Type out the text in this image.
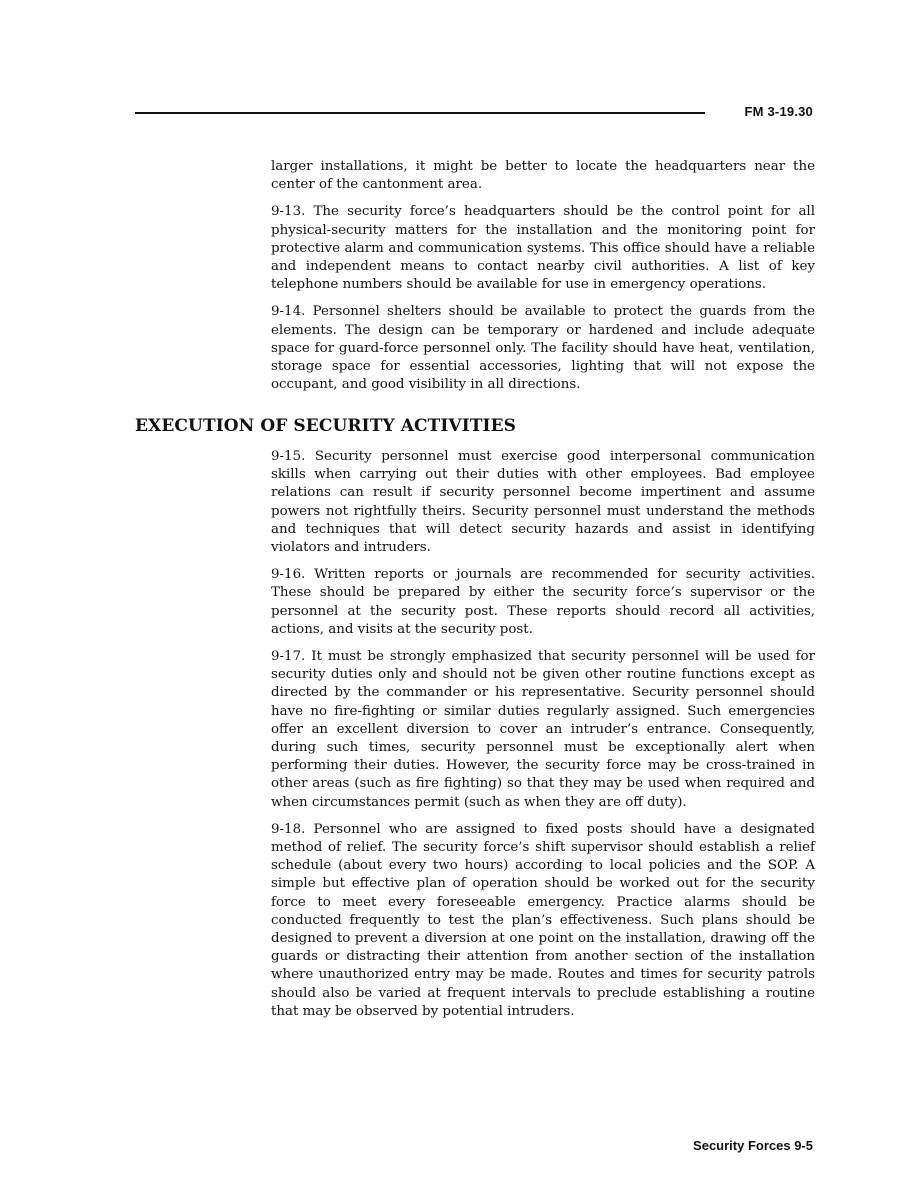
FM 3-19.30

larger installations, it might be better to locate the headquarters near the center of the cantonment area.

9-13. The security force’s headquarters should be the control point for all physical-security matters for the installation and the monitoring point for protective alarm and communication systems. This office should have a reliable and independent means to contact nearby civil authorities. A list of key telephone numbers should be available for use in emergency operations.

9-14. Personnel shelters should be available to protect the guards from the elements. The design can be temporary or hardened and include adequate space for guard-force personnel only. The facility should have heat, ventilation, storage space for essential accessories, lighting that will not expose the occupant, and good visibility in all directions.

EXECUTION OF SECURITY ACTIVITIES

9-15. Security personnel must exercise good interpersonal communication skills when carrying out their duties with other employees. Bad employee relations can result if security personnel become impertinent and assume powers not rightfully theirs. Security personnel must understand the methods and techniques that will detect security hazards and assist in identifying violators and intruders.

9-16. Written reports or journals are recommended for security activities. These should be prepared by either the security force’s supervisor or the personnel at the security post. These reports should record all activities, actions, and visits at the security post.

9-17. It must be strongly emphasized that security personnel will be used for security duties only and should not be given other routine functions except as directed by the commander or his representative. Security personnel should have no fire-fighting or similar duties regularly assigned. Such emergencies offer an excellent diversion to cover an intruder’s entrance. Consequently, during such times, security personnel must be exceptionally alert when performing their duties. However, the security force may be cross-trained in other areas (such as fire fighting) so that they may be used when required and when circumstances permit (such as when they are off duty).

9-18. Personnel who are assigned to fixed posts should have a designated method of relief. The security force’s shift supervisor should establish a relief schedule (about every two hours) according to local policies and the SOP. A simple but effective plan of operation should be worked out for the security force to meet every foreseeable emergency. Practice alarms should be conducted frequently to test the plan’s effectiveness. Such plans should be designed to prevent a diversion at one point on the installation, drawing off the guards or distracting their attention from another section of the installation where unauthorized entry may be made. Routes and times for security patrols should also be varied at frequent intervals to preclude establishing a routine that may be observed by potential intruders.

Security Forces 9-5
